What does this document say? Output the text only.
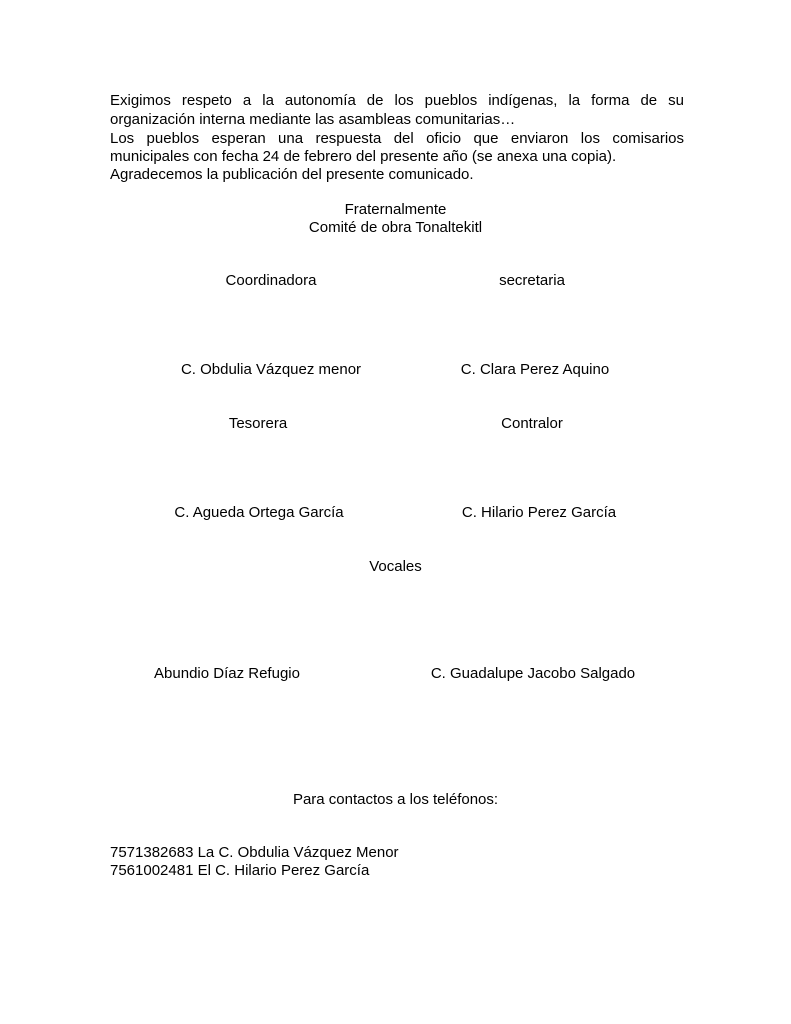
Exigimos respeto a la autonomía de los pueblos indígenas, la forma de su
organización interna mediante las asambleas comunitarias…
Los pueblos esperan una respuesta del oficio que enviaron los comisarios
municipales con fecha 24 de febrero del presente año (se anexa una copia).
Agradecemos la publicación del presente comunicado.
Fraternalmente
Comité de obra Tonaltekitl
Coordinadora	secretaria
C. Obdulia Vázquez menor	C. Clara Perez Aquino
Tesorera	Contralor
C. Agueda Ortega García	C. Hilario Perez García
Vocales
Abundio Díaz Refugio	C. Guadalupe Jacobo Salgado
Para contactos a los teléfonos:
7571382683 La C. Obdulia Vázquez Menor
7561002481 El C. Hilario Perez García
